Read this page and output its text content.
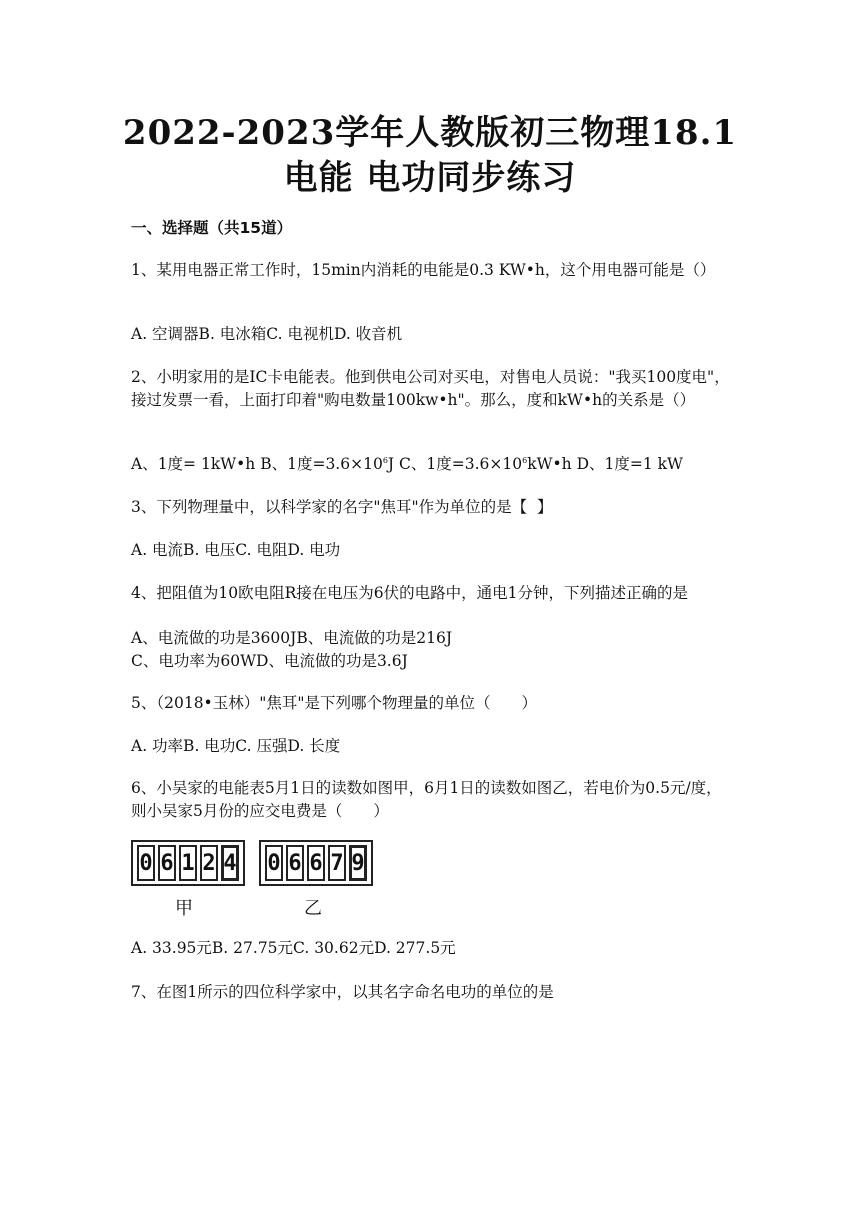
2022-2023学年人教版初三物理18.1
电能 电功同步练习
一、选择题（共15道）
1、某用电器正常工作时，15min内消耗的电能是0.3 KW•h，这个用电器可能是（）
A. 空调器B. 电冰箱C. 电视机D. 收音机
2、小明家用的是IC卡电能表。他到供电公司对买电，对售电人员说："我买100度电"，接过发票一看，上面打印着"购电数量100kw•h"。那么，度和kW•h的关系是（）
A、1度= 1kW•h B、1度$=3.6\times 10^6J$ C、1度$=3.6\times 10^6kW•h$ D、1度=1 kW
3、下列物理量中，以科学家的名字"焦耳"作为单位的是【  】
A. 电流B. 电压C. 电阻D. 电功
4、把阻值为10欧电阻R接在电压为6伏的电路中，通电1分钟，下列描述正确的是
A、电流做的功是3600JB、电流做的功是216J
C、电功率为60WD、电流做的功是3.6J
5、（2018•玉林）"焦耳"是下列哪个物理量的单位（　　）
A. 功率B. 电功C. 压强D. 长度
6、小吴家的电能表5月1日的读数如图甲，6月1日的读数如图乙，若电价为0.5元/度，则小吴家5月份的应交电费是（　　）
0 6 1 2 4
甲
0 6 6 7 9
乙
A. 33.95元B. 27.75元C. 30.62元D. 277.5元
7、在图1所示的四位科学家中，以其名字命名电功的单位的是
